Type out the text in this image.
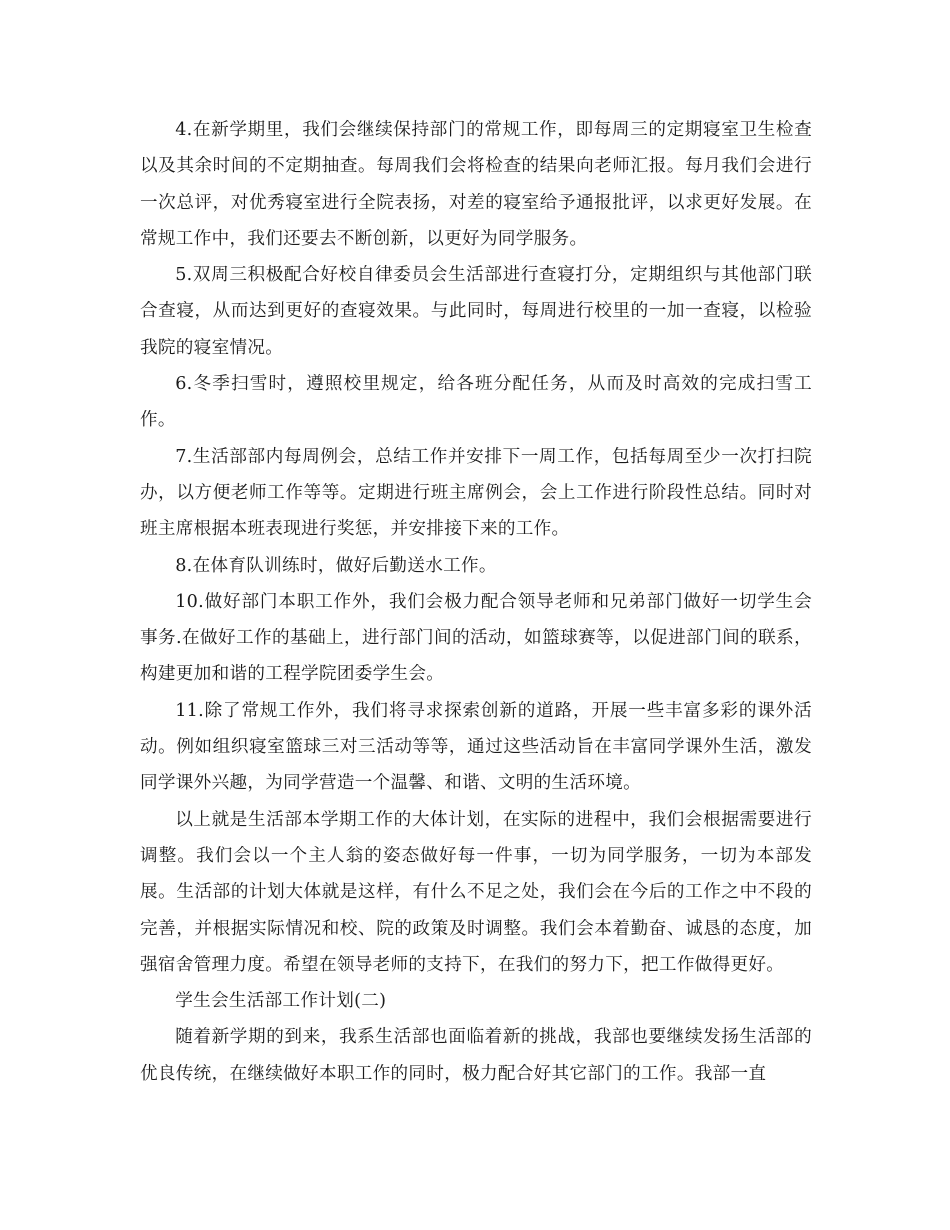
4.在新学期里，我们会继续保持部门的常规工作，即每周三的定期寝室卫生检查以及其余时间的不定期抽查。每周我们会将检查的结果向老师汇报。每月我们会进行一次总评，对优秀寝室进行全院表扬，对差的寝室给予通报批评，以求更好发展。在常规工作中，我们还要去不断创新，以更好为同学服务。

5.双周三积极配合好校自律委员会生活部进行查寝打分，定期组织与其他部门联合查寝，从而达到更好的查寝效果。与此同时，每周进行校里的一加一查寝，以检验我院的寝室情况。

6.冬季扫雪时，遵照校里规定，给各班分配任务，从而及时高效的完成扫雪工作。

7.生活部部内每周例会，总结工作并安排下一周工作，包括每周至少一次打扫院办，以方便老师工作等等。定期进行班主席例会，会上工作进行阶段性总结。同时对班主席根据本班表现进行奖惩，并安排接下来的工作。

8.在体育队训练时，做好后勤送水工作。

10.做好部门本职工作外，我们会极力配合领导老师和兄弟部门做好一切学生会事务.在做好工作的基础上，进行部门间的活动，如篮球赛等，以促进部门间的联系，构建更加和谐的工程学院团委学生会。

11.除了常规工作外，我们将寻求探索创新的道路，开展一些丰富多彩的课外活动。例如组织寝室篮球三对三活动等等，通过这些活动旨在丰富同学课外生活，激发同学课外兴趣，为同学营造一个温馨、和谐、文明的生活环境。

以上就是生活部本学期工作的大体计划，在实际的进程中，我们会根据需要进行调整。我们会以一个主人翁的姿态做好每一件事，一切为同学服务，一切为本部发展。生活部的计划大体就是这样，有什么不足之处，我们会在今后的工作之中不段的完善，并根据实际情况和校、院的政策及时调整。我们会本着勤奋、诚恳的态度，加强宿舍管理力度。希望在领导老师的支持下，在我们的努力下，把工作做得更好。

学生会生活部工作计划(二)

随着新学期的到来，我系生活部也面临着新的挑战，我部也要继续发扬生活部的优良传统，在继续做好本职工作的同时，极力配合好其它部门的工作。我部一直
